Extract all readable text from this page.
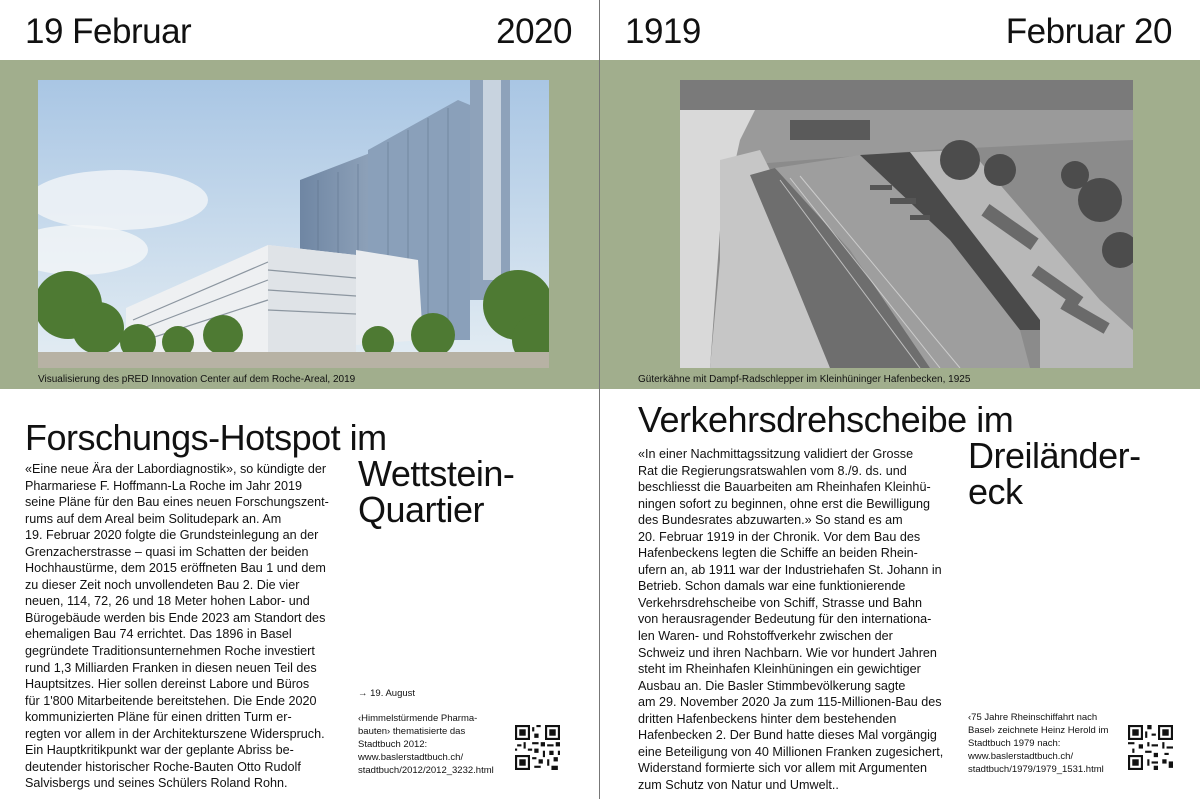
19 Februar	2020
Visualisierung des pRED Innovation Center auf dem Roche-Areal, 2019
Forschungs-Hotspot im
Wettstein-
Quartier
«Eine neue Ära der Labordiagnostik», so kündigte der
Pharmariese F. Hoffmann-La Roche im Jahr 2019
seine Pläne für den Bau eines neuen Forschungszent-
rums auf dem Areal beim Solitudepark an. Am
19. Februar 2020 folgte die Grundsteinlegung an der
Grenzacherstrasse – quasi im Schatten der beiden
Hochhaustürme, dem 2015 eröffneten Bau 1 und dem
zu dieser Zeit noch unvollendeten Bau 2. Die vier
neuen, 114, 72, 26 und 18 Meter hohen Labor- und
Bürogebäude werden bis Ende 2023 am Standort des
ehemaligen Bau 74 errichtet. Das 1896 in Basel
gegründete Traditionsunternehmen Roche investiert
rund 1,3 Milliarden Franken in diesen neuen Teil des
Hauptsitzes. Hier sollen dereinst Labore und Büros
für 1'800 Mitarbeitende bereitstehen. Die Ende 2020
kommunizierten Pläne für einen dritten Turm er-
regten vor allem in der Architekturszene Widerspruch.
Ein Hauptkritikpunkt war der geplante Abriss be-
deutender historischer Roche-Bauten Otto Rudolf
Salvisbergs und seines Schülers Roland Rohn.
→ 19. August
‹Himmelstürmende Pharma-
bauten› thematisierte das
Stadtbuch 2012:
www.baslerstadtbuch.ch/
stadtbuch/2012/2012_3232.html
1919	Februar 20
Güterkähne mit Dampf-Radschlepper im Kleinhüninger Hafenbecken, 1925
Verkehrsdrehscheibe im
Dreiländer-
eck
«In einer Nachmittagssitzung validiert der Grosse
Rat die Regierungsratswahlen vom 8./9. ds. und
beschliesst die Bauarbeiten am Rheinhafen Kleinhü-
ningen sofort zu beginnen, ohne erst die Bewilligung
des Bundesrates abzuwarten.» So stand es am
20. Februar 1919 in der Chronik. Vor dem Bau des
Hafenbeckens legten die Schiffe an beiden Rhein-
ufern an, ab 1911 war der Industriehafen St. Johann in
Betrieb. Schon damals war eine funktionierende
Verkehrsdrehscheibe von Schiff, Strasse und Bahn
von herausragender Bedeutung für den internationa-
len Waren- und Rohstoffverkehr zwischen der
Schweiz und ihren Nachbarn. Wie vor hundert Jahren
steht im Rheinhafen Kleinhüningen ein gewichtiger
Ausbau an. Die Basler Stimmbevölkerung sagte
am 29. November 2020 Ja zum 115-Millionen-Bau des
dritten Hafenbeckens hinter dem bestehenden
Hafenbecken 2. Der Bund hatte dieses Mal vorgängig
eine Beteiligung von 40 Millionen Franken zugesichert,
Widerstand formierte sich vor allem mit Argumenten
zum Schutz von Natur und Umwelt..
‹75 Jahre Rheinschiffahrt nach
Basel› zeichnete Heinz Herold im
Stadtbuch 1979 nach:
www.baslerstadtbuch.ch/
stadtbuch/1979/1979_1531.html
